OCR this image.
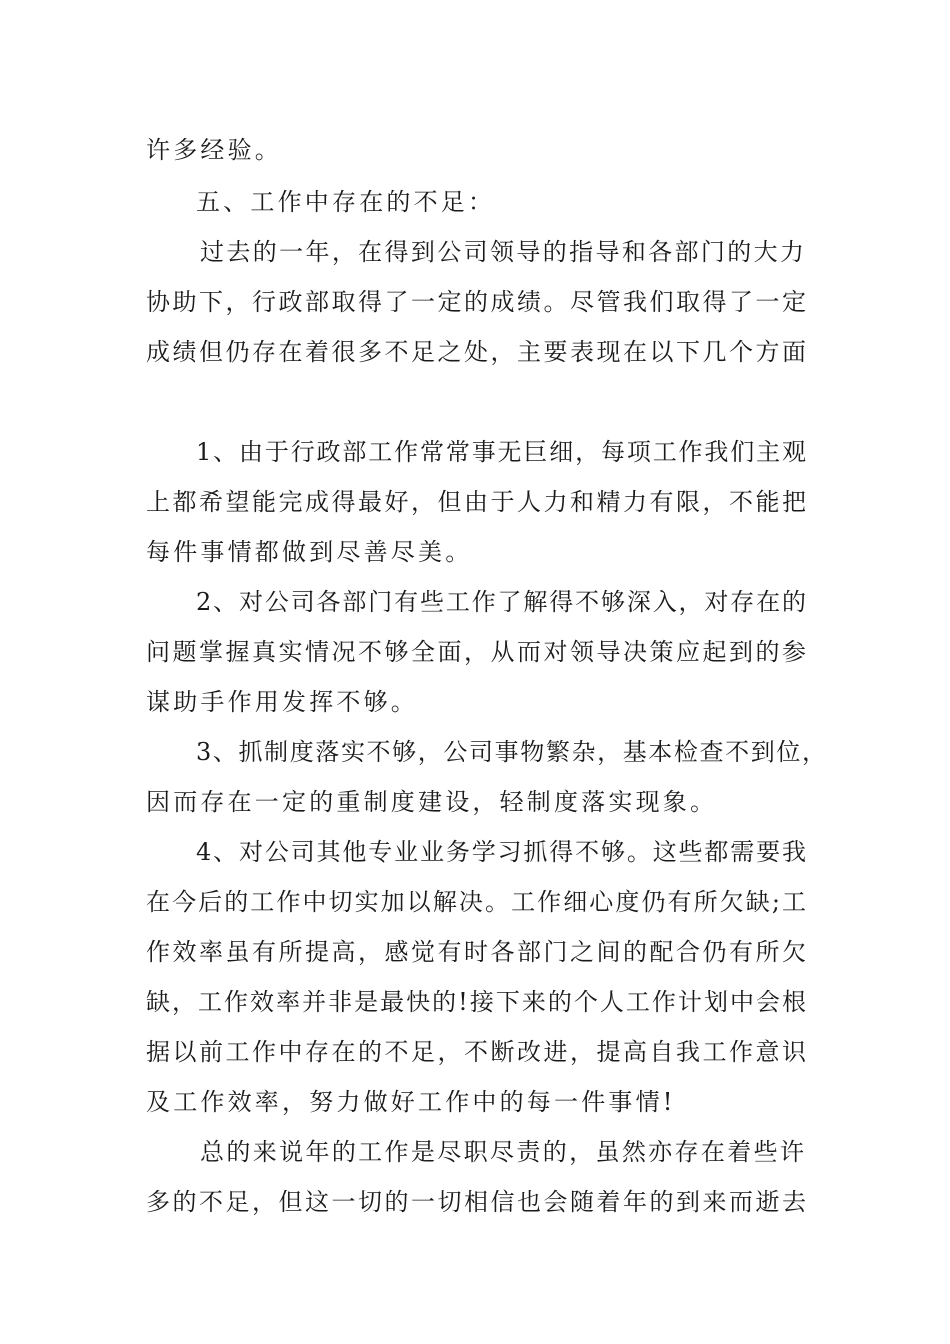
许多经验。
五、工作中存在的不足：
过去的一年，在得到公司领导的指导和各部门的大力
协助下，行政部取得了一定的成绩。尽管我们取得了一定
成绩但仍存在着很多不足之处，主要表现在以下几个方面
1、由于行政部工作常常事无巨细，每项工作我们主观
上都希望能完成得最好，但由于人力和精力有限，不能把
每件事情都做到尽善尽美。
2、对公司各部门有些工作了解得不够深入，对存在的
问题掌握真实情况不够全面，从而对领导决策应起到的参
谋助手作用发挥不够。
3、抓制度落实不够，公司事物繁杂，基本检查不到位，
因而存在一定的重制度建设，轻制度落实现象。
4、对公司其他专业业务学习抓得不够。这些都需要我
在今后的工作中切实加以解决。工作细心度仍有所欠缺;工
作效率虽有所提高，感觉有时各部门之间的配合仍有所欠
缺，工作效率并非是最快的!接下来的个人工作计划中会根
据以前工作中存在的不足，不断改进，提高自我工作意识
及工作效率，努力做好工作中的每一件事情!
总的来说年的工作是尽职尽责的，虽然亦存在着些许
多的不足，但这一切的一切相信也会随着年的到来而逝去
